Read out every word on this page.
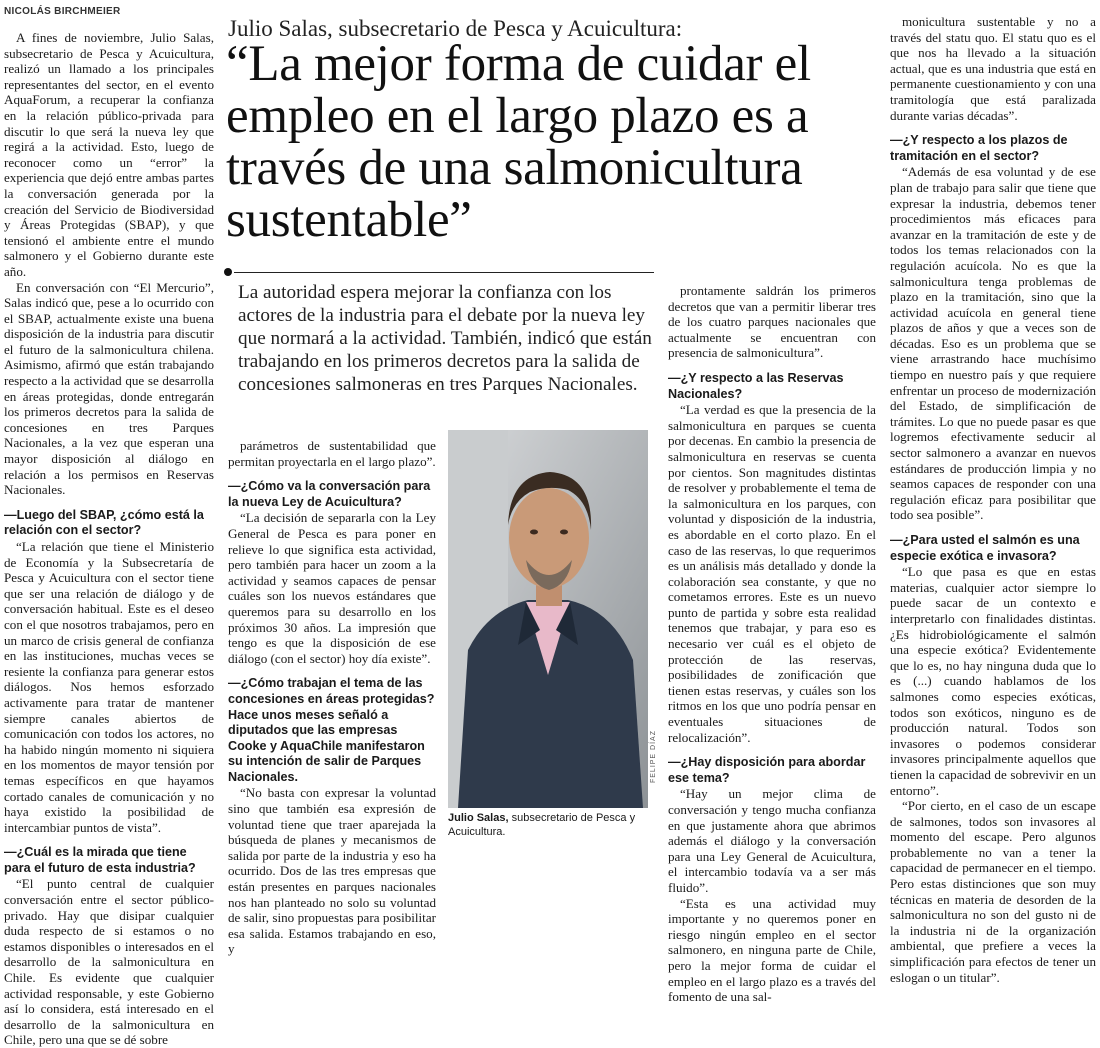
NICOLÁS BIRCHMEIER

A fines de noviembre, Julio Salas, subsecretario de Pesca y Acuicultura, realizó un llamado a los principales representantes del sector, en el evento AquaForum, a recuperar la confianza en la relación público-privada para discutir lo que será la nueva ley que regirá a la actividad. Esto, luego de reconocer como un “error” la experiencia que dejó entre ambas partes la conversación generada por la creación del Servicio de Biodiversidad y Áreas Protegidas (SBAP), y que tensionó el ambiente entre el mundo salmonero y el Gobierno durante este año.

En conversación con “El Mercurio”, Salas indicó que, pese a lo ocurrido con el SBAP, actualmente existe una buena disposición de la industria para discutir el futuro de la salmonicultura chilena. Asimismo, afirmó que están trabajando respecto a la actividad que se desarrolla en áreas protegidas, donde entregarán los primeros decretos para la salida de concesiones en tres Parques Nacionales, a la vez que esperan una mayor disposición al diálogo en relación a los permisos en Reservas Nacionales.

—Luego del SBAP, ¿cómo está la relación con el sector?

“La relación que tiene el Ministerio de Economía y la Subsecretaría de Pesca y Acuicultura con el sector tiene que ser una relación de diálogo y de conversación habitual. Este es el deseo con el que nosotros trabajamos, pero en un marco de crisis general de confianza en las instituciones, muchas veces se resiente la confianza para generar estos diálogos. Nos hemos esforzado activamente para tratar de mantener siempre canales abiertos de comunicación con todos los actores, no ha habido ningún momento ni siquiera en los momentos de mayor tensión por temas específicos en que hayamos cortado canales de comunicación y no haya existido la posibilidad de intercambiar puntos de vista”.

—¿Cuál es la mirada que tiene para el futuro de esta industria?

“El punto central de cualquier conversación entre el sector público-privado. Hay que disipar cualquier duda respecto de si estamos o no estamos disponibles o interesados en el desarrollo de la salmonicultura en Chile. Es evidente que cualquier actividad responsable, y este Gobierno así lo considera, está interesado en el desarrollo de la salmonicultura en Chile, pero una que se dé sobre

Julio Salas, subsecretario de Pesca y Acuicultura:
“La mejor forma de cuidar el empleo en el largo plazo es a través de una salmonicultura sustentable”
La autoridad espera mejorar la confianza con los actores de la industria para el debate por la nueva ley que normará a la actividad. También, indicó que están trabajando en los primeros decretos para la salida de concesiones salmoneras en tres Parques Nacionales.

parámetros de sustentabilidad que permitan proyectarla en el largo plazo”.

—¿Cómo va la conversación para la nueva Ley de Acuicultura?

“La decisión de separarla con la Ley General de Pesca es para poner en relieve lo que significa esta actividad, pero también para hacer un zoom a la actividad y seamos capaces de pensar cuáles son los nuevos estándares que queremos para su desarrollo en los próximos 30 años. La impresión que tengo es que la disposición de ese diálogo (con el sector) hoy día existe”.

—¿Cómo trabajan el tema de las concesiones en áreas protegidas? Hace unos meses señaló a diputados que las empresas Cooke y AquaChile manifestaron su intención de salir de Parques Nacionales.

“No basta con expresar la voluntad sino que también esa expresión de voluntad tiene que traer aparejada la búsqueda de planes y mecanismos de salida por parte de la industria y eso ha ocurrido. Dos de las tres empresas que están presentes en parques nacionales nos han planteado no solo su voluntad de salir, sino propuestas para posibilitar esa salida. Estamos trabajando en eso, y

FELIPE DÍAZ
Julio Salas, subsecretario de Pesca y Acuicultura.

prontamente saldrán los primeros decretos que van a permitir liberar tres de los cuatro parques nacionales que actualmente se encuentran con presencia de salmonicultura”.

—¿Y respecto a las Reservas Nacionales?

“La verdad es que la presencia de la salmonicultura en parques se cuenta por decenas. En cambio la presencia de salmonicultura en reservas se cuenta por cientos. Son magnitudes distintas de resolver y probablemente el tema de la salmonicultura en los parques, con voluntad y disposición de la industria, es abordable en el corto plazo. En el caso de las reservas, lo que requerimos es un análisis más detallado y donde la colaboración sea constante, y que no cometamos errores. Este es un nuevo punto de partida y sobre esta realidad tenemos que trabajar, y para eso es necesario ver cuál es el objeto de protección de las reservas, posibilidades de zonificación que tienen estas reservas, y cuáles son los ritmos en los que uno podría pensar en eventuales situaciones de relocalización”.

—¿Hay disposición para abordar ese tema?

“Hay un mejor clima de conversación y tengo mucha confianza en que justamente ahora que abrimos además el diálogo y la conversación para una Ley General de Acuicultura, el intercambio todavía va a ser más fluido”.

“Esta es una actividad muy importante y no queremos poner en riesgo ningún empleo en el sector salmonero, en ninguna parte de Chile, pero la mejor forma de cuidar el empleo en el largo plazo es a través del fomento de una sal-

monicultura sustentable y no a través del statu quo. El statu quo es el que nos ha llevado a la situación actual, que es una industria que está en permanente cuestionamiento y con una tramitología que está paralizada durante varias décadas”.

—¿Y respecto a los plazos de tramitación en el sector?

“Además de esa voluntad y de ese plan de trabajo para salir que tiene que expresar la industria, debemos tener procedimientos más eficaces para avanzar en la tramitación de este y de todos los temas relacionados con la regulación acuícola. No es que la salmonicultura tenga problemas de plazo en la tramitación, sino que la actividad acuícola en general tiene plazos de años y que a veces son de décadas. Eso es un problema que se viene arrastrando hace muchísimo tiempo en nuestro país y que requiere enfrentar un proceso de modernización del Estado, de simplificación de trámites. Lo que no puede pasar es que logremos efectivamente seducir al sector salmonero a avanzar en nuevos estándares de producción limpia y no seamos capaces de responder con una regulación eficaz para posibilitar que todo sea posible”.

—¿Para usted el salmón es una especie exótica e invasora?

“Lo que pasa es que en estas materias, cualquier actor siempre lo puede sacar de un contexto e interpretarlo con finalidades distintas. ¿Es hidrobiológicamente el salmón una especie exótica? Evidentemente que lo es, no hay ninguna duda que lo es (...) cuando hablamos de los salmones como especies exóticas, todos son exóticos, ninguno es de producción natural. Todos son invasores o podemos considerar invasores principalmente aquellos que tienen la capacidad de sobrevivir en un entorno”.

“Por cierto, en el caso de un escape de salmones, todos son invasores al momento del escape. Pero algunos probablemente no van a tener la capacidad de permanecer en el tiempo. Pero estas distinciones que son muy técnicas en materia de desorden de la salmonicultura no son del gusto ni de la industria ni de la organización ambiental, que prefiere a veces la simplificación para efectos de tener un eslogan o un titular”.
